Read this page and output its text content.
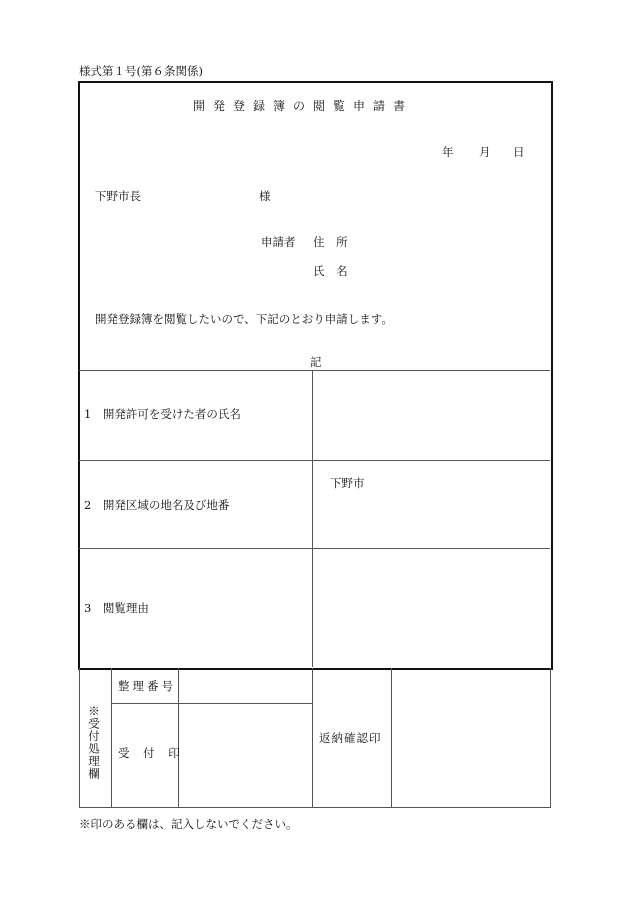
様式第１号(第６条関係)
開発登録簿の閲覧申請書
年 月 日
下野市長	様
申請者 住 所
氏 名
開発登録簿を閲覧したいので、下記のとおり申請します。
記
1　開発許可を受けた者の氏名
2　開発区域の地名及び地番
下野市
3　閲覧理由
※受付処理欄
整理番号
受 付 印
返納確認印
※印のある欄は、記入しないでください。
